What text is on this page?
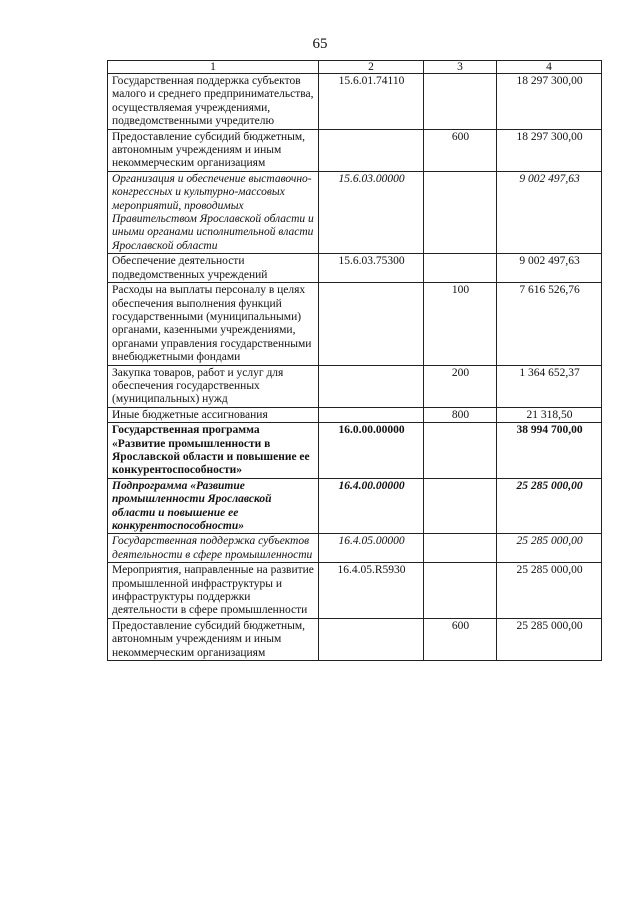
65
1	2	3	4
Государственная поддержка субъектов малого и среднего предпринимательства, осуществляемая учреждениями, подведомственными учредителю	15.6.01.74110		18 297 300,00
Предоставление субсидий бюджетным, автономным учреждениям и иным некоммерческим организациям		600	18 297 300,00
Организация и обеспечение выставочно-конгрессных и культурно-массовых мероприятий, проводимых Правительством Ярославской области и иными органами исполнительной власти Ярославской области	15.6.03.00000		9 002 497,63
Обеспечение деятельности подведомственных учреждений	15.6.03.75300		9 002 497,63
Расходы на выплаты персоналу в целях обеспечения выполнения функций государственными (муниципальными) органами, казенными учреждениями, органами управления государственными внебюджетными фондами		100	7 616 526,76
Закупка товаров, работ и услуг для обеспечения государственных (муниципальных) нужд		200	1 364 652,37
Иные бюджетные ассигнования		800	21 318,50
Государственная программа «Развитие промышленности в Ярославской области и повышение ее конкурентоспособности»	16.0.00.00000		38 994 700,00
Подпрограмма «Развитие промышленности Ярославской области и повышение ее конкурентоспособности»	16.4.00.00000		25 285 000,00
Государственная поддержка субъектов деятельности в сфере промышленности	16.4.05.00000		25 285 000,00
Мероприятия, направленные на развитие промышленной инфраструктуры и инфраструктуры поддержки деятельности в сфере промышленности	16.4.05.R5930		25 285 000,00
Предоставление субсидий бюджетным, автономным учреждениям и иным некоммерческим организациям		600	25 285 000,00
